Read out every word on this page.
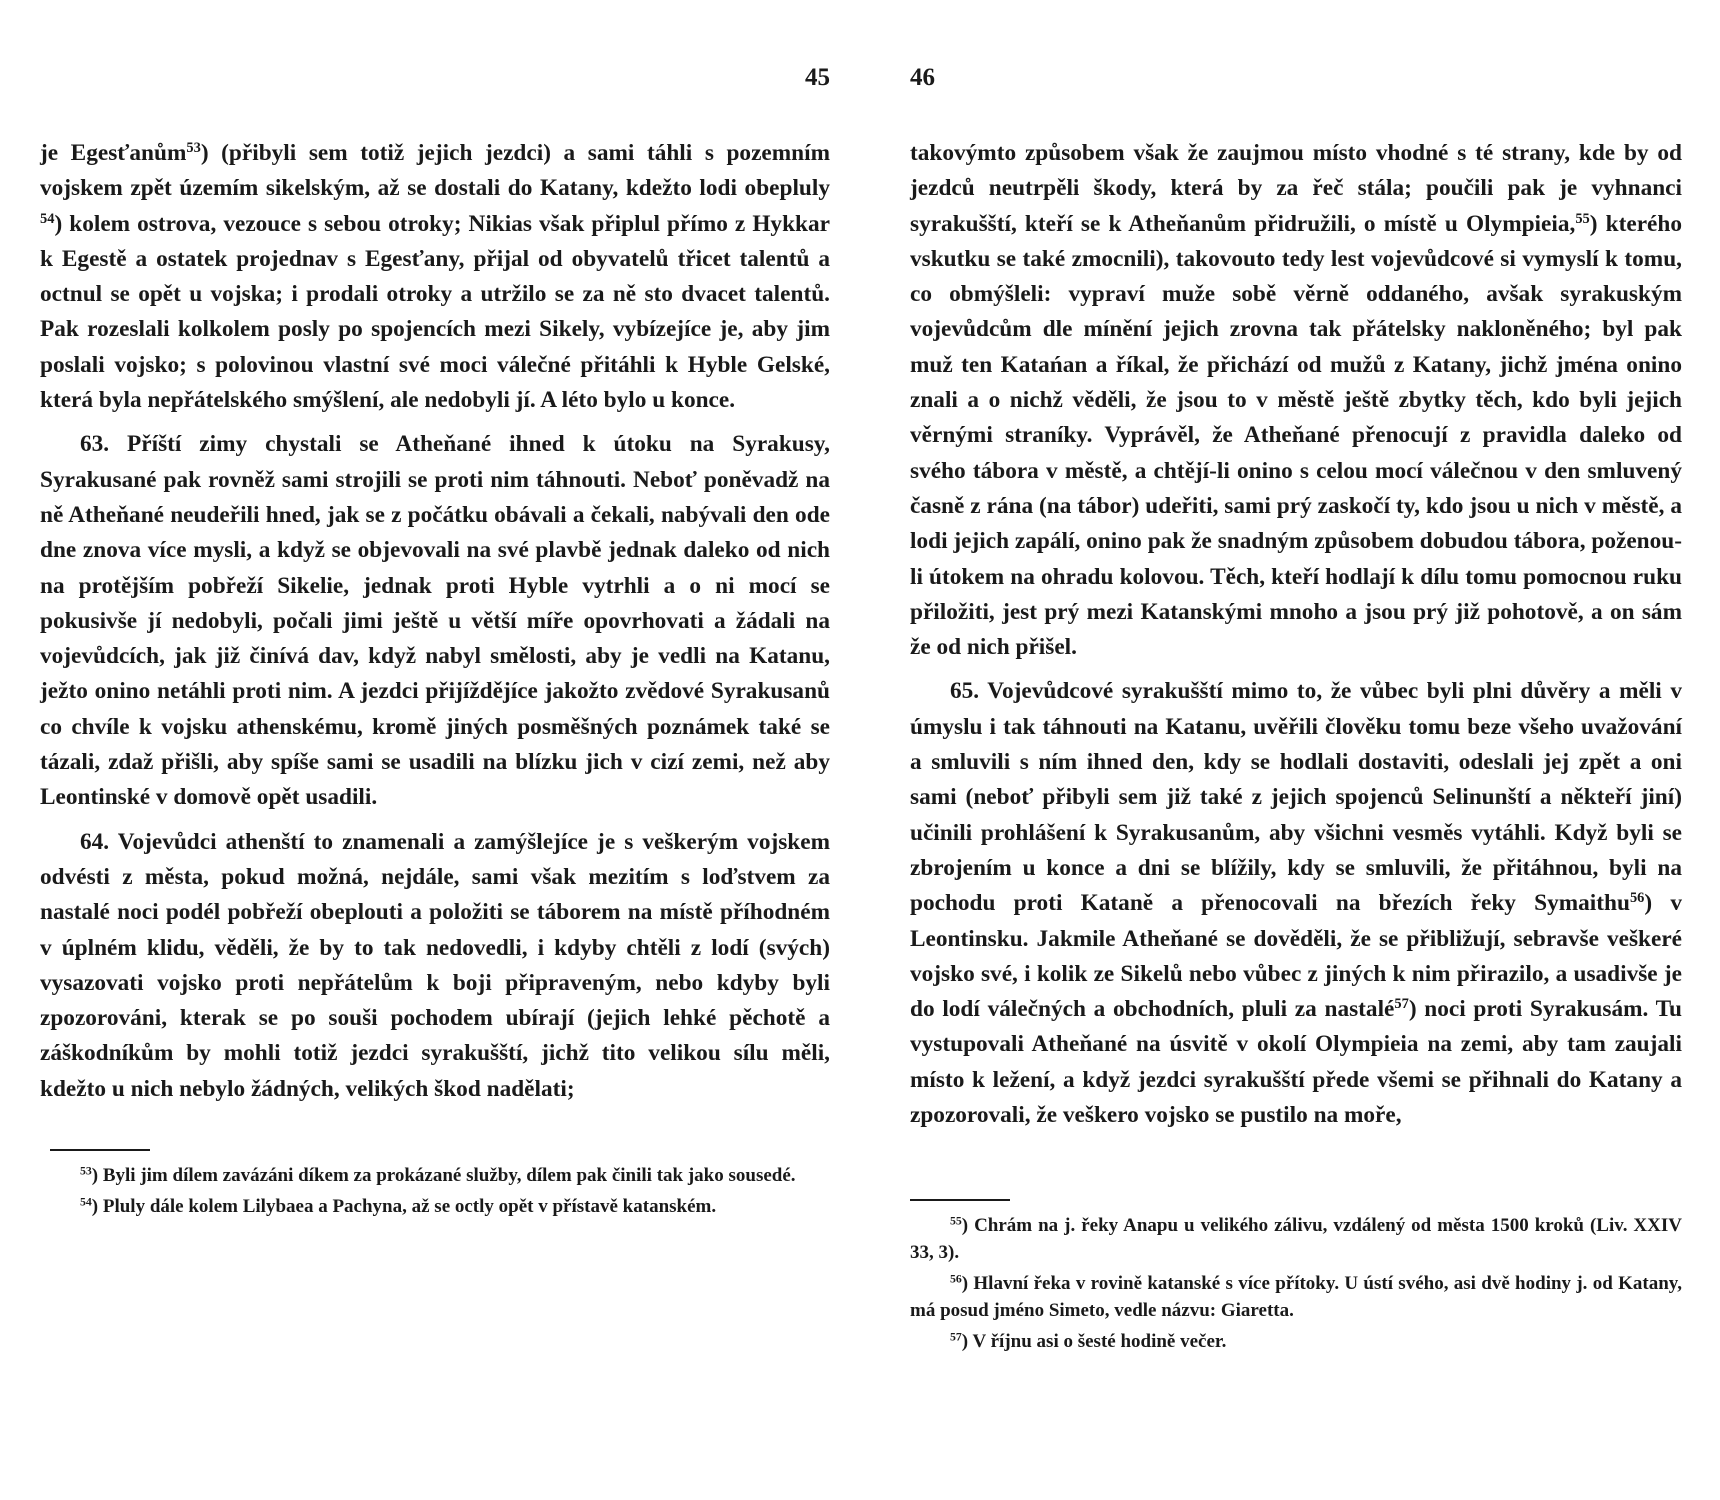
45

je Egesťanům$^{53}$) (přibyli sem totiž jejich jezdci) a sami táhli s pozemním vojskem zpět územím sikelským, až se dostali do Katany, kdežto lodi obepluly $^{54}$) kolem ostrova, vezouce s sebou otroky; Nikias však připlul přímo z Hykkar k Egestě a ostatek projednav s Egesťany, přijal od obyvatelů třicet talentů a octnul se opět u vojska; i prodali otroky a utržilo se za ně sto dvacet talentů. Pak rozeslali kolkolem posly po spojencích mezi Sikely, vybízejíce je, aby jim poslali vojsko; s polovinou vlastní své moci válečné přitáhli k Hyble Gelské, která byla nepřátelského smýšlení, ale nedobyli jí. A léto bylo u konce.

63. Příští zimy chystali se Atheňané ihned k útoku na Syrakusy, Syrakusané pak rovněž sami strojili se proti nim táhnouti. Neboť poněvadž na ně Atheňané neudeřili hned, jak se z počátku obávali a čekali, nabývali den ode dne znova více mysli, a když se objevovali na své plavbě jednak daleko od nich na protějším pobřeží Sikelie, jednak proti Hyble vytrhli a o ni mocí se pokusivše jí nedobyli, počali jimi ještě u větší míře opovrhovati a žádali na vojevůdcích, jak již činívá dav, když nabyl smělosti, aby je vedli na Katanu, ježto onino netáhli proti nim. A jezdci přijíždějíce jakožto zvědové Syrakusanů co chvíle k vojsku athenskému, kromě jiných posměšných poznámek také se tázali, zdaž přišli, aby spíše sami se usadili na blízku jich v cizí zemi, než aby Leontinské v domově opět usadili.

64. Vojevůdci athenští to znamenali a zamýšlejíce je s veškerým vojskem odvésti z města, pokud možná, nejdále, sami však mezitím s loďstvem za nastalé noci podél pobřeží obeplouti a položiti se táborem na místě příhodném v úplném klidu, věděli, že by to tak nedovedli, i kdyby chtěli z lodí (svých) vysazovati vojsko proti nepřátelům k boji připraveným, nebo kdyby byli zpozorováni, kterak se po souši pochodem ubírají (jejich lehké pěchotě a záškodníkům by mohli totiž jezdci syrakušští, jichž tito velikou sílu měli, kdežto u nich nebylo žádných, velikých škod nadělati;

$^{53}$) Byli jim dílem zavázáni díkem za prokázané služby, dílem pak činili tak jako sousedé.

$^{54}$) Pluly dále kolem Lilybaea a Pachyna, až se octly opět v přístavě katanském.

46

takovýmto způsobem však že zaujmou místo vhodné s té strany, kde by od jezdců neutrpěli škody, která by za řeč stála; poučili pak je vyhnanci syrakušští, kteří se k Atheňanům přidružili, o místě u Olympieia,$^{55}$) kterého vskutku se také zmocnili), takovouto tedy lest vojevůdcové si vymyslí k tomu, co obmýšleli: vypraví muže sobě věrně oddaného, avšak syrakuským vojevůdcům dle mínění jejich zrovna tak přátelsky nakloněného; byl pak muž ten Katańan a říkal, že přichází od mužů z Katany, jichž jména onino znali a o nichž věděli, že jsou to v městě ještě zbytky těch, kdo byli jejich věrnými straníky. Vyprávěl, že Atheňané přenocují z pravidla daleko od svého tábora v městě, a chtějí-li onino s celou mocí válečnou v den smluvený časně z rána (na tábor) udeřiti, sami prý zaskočí ty, kdo jsou u nich v městě, a lodi jejich zapálí, onino pak že snadným způsobem dobudou tábora, poženou-li útokem na ohradu kolovou. Těch, kteří hodlají k dílu tomu pomocnou ruku přiložiti, jest prý mezi Katanskými mnoho a jsou prý již pohotově, a on sám že od nich přišel.

65. Vojevůdcové syrakušští mimo to, že vůbec byli plni důvěry a měli v úmyslu i tak táhnouti na Katanu, uvěřili člověku tomu beze všeho uvažování a smluvili s ním ihned den, kdy se hodlali dostaviti, odeslali jej zpět a oni sami (neboť přibyli sem již také z jejich spojenců Selinunští a někteří jiní) učinili prohlášení k Syrakusanům, aby všichni vesměs vytáhli. Když byli se zbrojením u konce a dni se blížily, kdy se smluvili, že přitáhnou, byli na pochodu proti Kataně a přenocovali na březích řeky Symaithu$^{56}$) v Leontinsku. Jakmile Atheňané se dověděli, že se přibližují, sebravše veškeré vojsko své, i kolik ze Sikelů nebo vůbec z jiných k nim přirazilo, a usadivše je do lodí válečných a obchodních, pluli za nastalé$^{57}$) noci proti Syrakusám. Tu vystupovali Atheňané na úsvitě v okolí Olympieia na zemi, aby tam zaujali místo k ležení, a když jezdci syrakušští přede všemi se přihnali do Katany a zpozorovali, že veškero vojsko se pustilo na moře,

$^{55}$) Chrám na j. řeky Anapu u velikého zálivu, vzdálený od města 1500 kroků (Liv. XXIV 33, 3).

$^{56}$) Hlavní řeka v rovině katanské s více přítoky. U ústí svého, asi dvě hodiny j. od Katany, má posud jméno Simeto, vedle názvu: Giaretta.

$^{57}$) V říjnu asi o šesté hodině večer.
